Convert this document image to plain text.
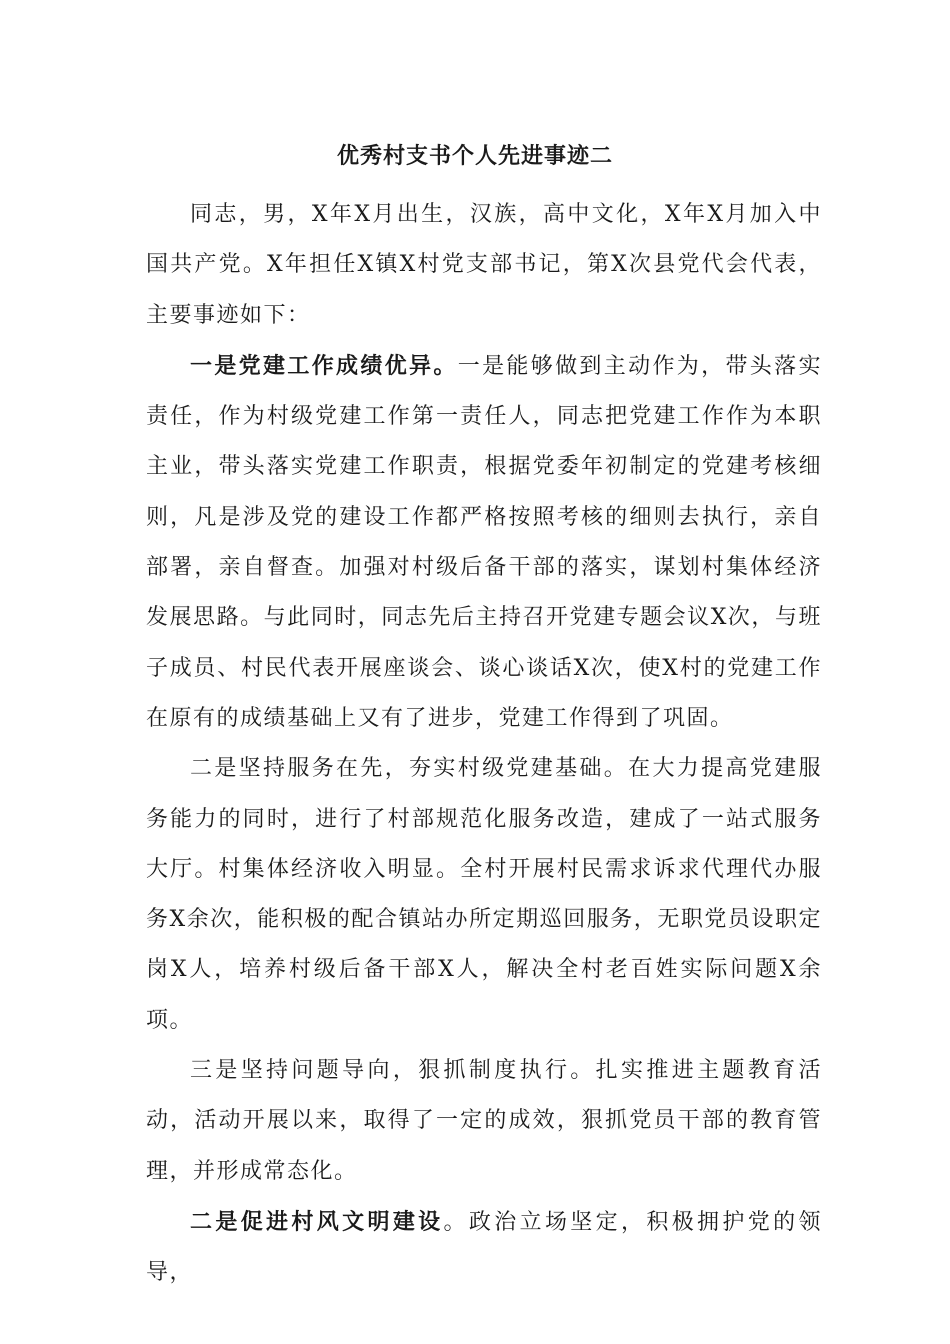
优秀村支书个人先进事迹二

同志，男，X年X月出生，汉族，高中文化，X年X月加入中国共产党。X年担任X镇X村党支部书记，第X次县党代会代表，主要事迹如下：

一是党建工作成绩优异。一是能够做到主动作为，带头落实责任，作为村级党建工作第一责任人，同志把党建工作作为本职主业，带头落实党建工作职责，根据党委年初制定的党建考核细则，凡是涉及党的建设工作都严格按照考核的细则去执行，亲自部署，亲自督查。加强对村级后备干部的落实，谋划村集体经济发展思路。与此同时，同志先后主持召开党建专题会议X次，与班子成员、村民代表开展座谈会、谈心谈话X次，使X村的党建工作在原有的成绩基础上又有了进步，党建工作得到了巩固。

二是坚持服务在先，夯实村级党建基础。在大力提高党建服务能力的同时，进行了村部规范化服务改造，建成了一站式服务大厅。村集体经济收入明显。全村开展村民需求诉求代理代办服务X余次，能积极的配合镇站办所定期巡回服务，无职党员设职定岗X人，培养村级后备干部X人，解决全村老百姓实际问题X余项。

三是坚持问题导向，狠抓制度执行。扎实推进主题教育活动，活动开展以来，取得了一定的成效，狠抓党员干部的教育管理，并形成常态化。

二是促进村风文明建设。政治立场坚定，积极拥护党的领导，
